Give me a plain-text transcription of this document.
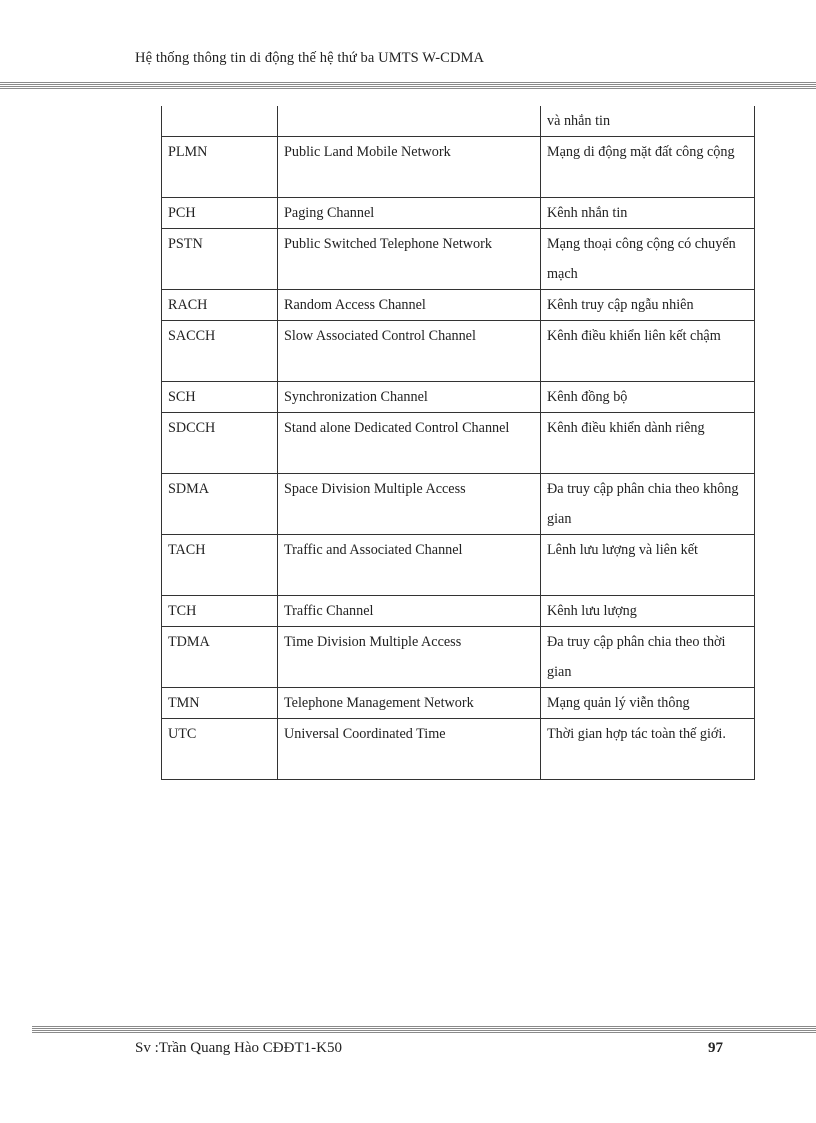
Hệ thống thông tin di động thế hệ thứ ba UMTS W-CDMA
		và nhắn tin
PLMN	Public Land Mobile Network	Mạng di động mặt đất công cộng
PCH	Paging Channel	Kênh nhắn tin
PSTN	Public Switched Telephone Network	Mạng thoại công cộng có chuyển mạch
RACH	Random Access Channel	Kênh truy cập ngẫu nhiên
SACCH	Slow Associated Control Channel	Kênh điều khiển liên kết chậm
SCH	Synchronization Channel	Kênh đồng bộ
SDCCH	Stand alone Dedicated Control Channel	Kênh điều khiển dành riêng
SDMA	Space Division Multiple Access	Đa truy cập phân chia theo không gian
TACH	Traffic and Associated Channel	Lênh lưu lượng và liên kết
TCH	Traffic Channel	Kênh lưu lượng
TDMA	Time Division Multiple Access	Đa truy cập phân chia theo thời gian
TMN	Telephone Management Network	Mạng quản lý viễn thông
UTC	Universal Coordinated Time	Thời gian hợp tác toàn thế giới.
Sv :Trần Quang Hào CĐĐT1-K50	97
